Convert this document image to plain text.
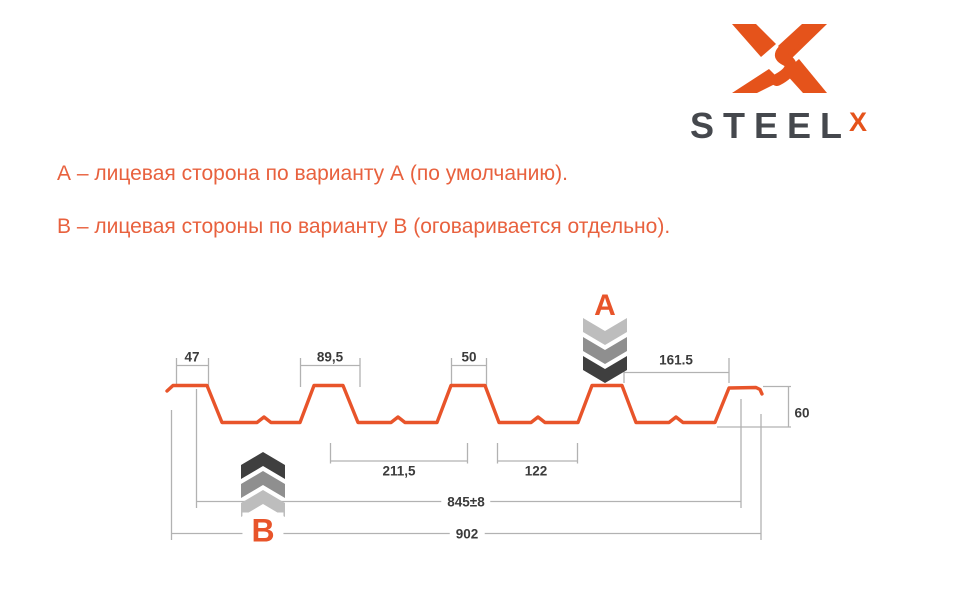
STEELX
А – лицевая сторона по варианту А (по умолчанию).
В – лицевая стороны по варианту В (оговаривается отдельно).
47	89,5	50	161.5
60
211,5	122
845±8
902
A
B
